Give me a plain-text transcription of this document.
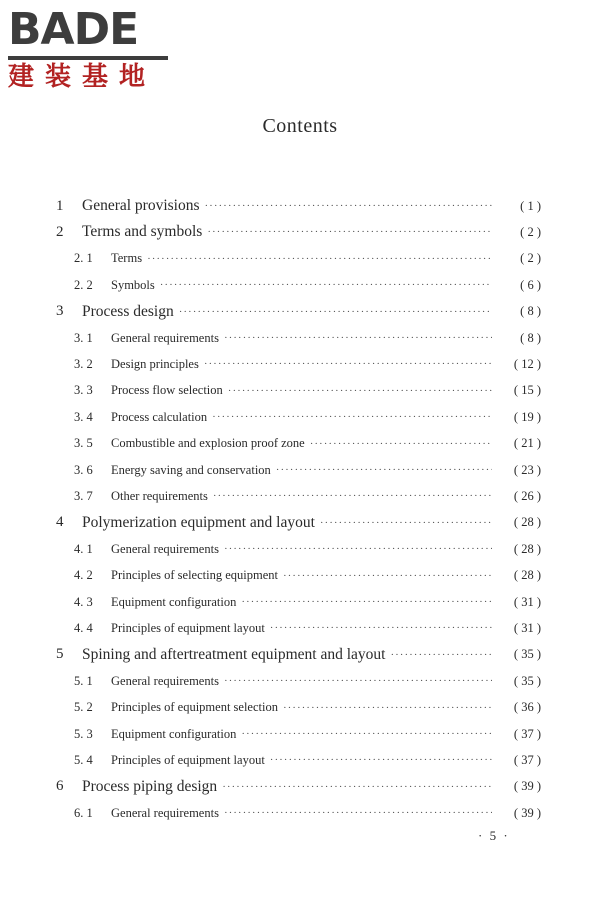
BADE
建装基地
Contents
1	General provisions ·····	( 1 )
2	Terms and symbols ·····	( 2 )
2. 1	Terms ·····	( 2 )
2. 2	Symbols ·····	( 6 )
3	Process design ·····	( 8 )
3. 1	General requirements ·····	( 8 )
3. 2	Design principles ·····	( 12 )
3. 3	Process flow selection ·····	( 15 )
3. 4	Process calculation ·····	( 19 )
3. 5	Combustible and explosion proof zone ·····	( 21 )
3. 6	Energy saving and conservation ·····	( 23 )
3. 7	Other requirements ·····	( 26 )
4	Polymerization equipment and layout ·····	( 28 )
4. 1	General requirements ·····	( 28 )
4. 2	Principles of selecting equipment ·····	( 28 )
4. 3	Equipment configuration ·····	( 31 )
4. 4	Principles of equipment layout ·····	( 31 )
5	Spining and aftertreatment equipment and layout ·····	( 35 )
5. 1	General requirements ·····	( 35 )
5. 2	Principles of equipment selection ·····	( 36 )
5. 3	Equipment configuration ·····	( 37 )
5. 4	Principles of equipment layout ·····	( 37 )
6	Process piping design ·····	( 39 )
6. 1	General requirements ·····	( 39 )
· 5 ·
